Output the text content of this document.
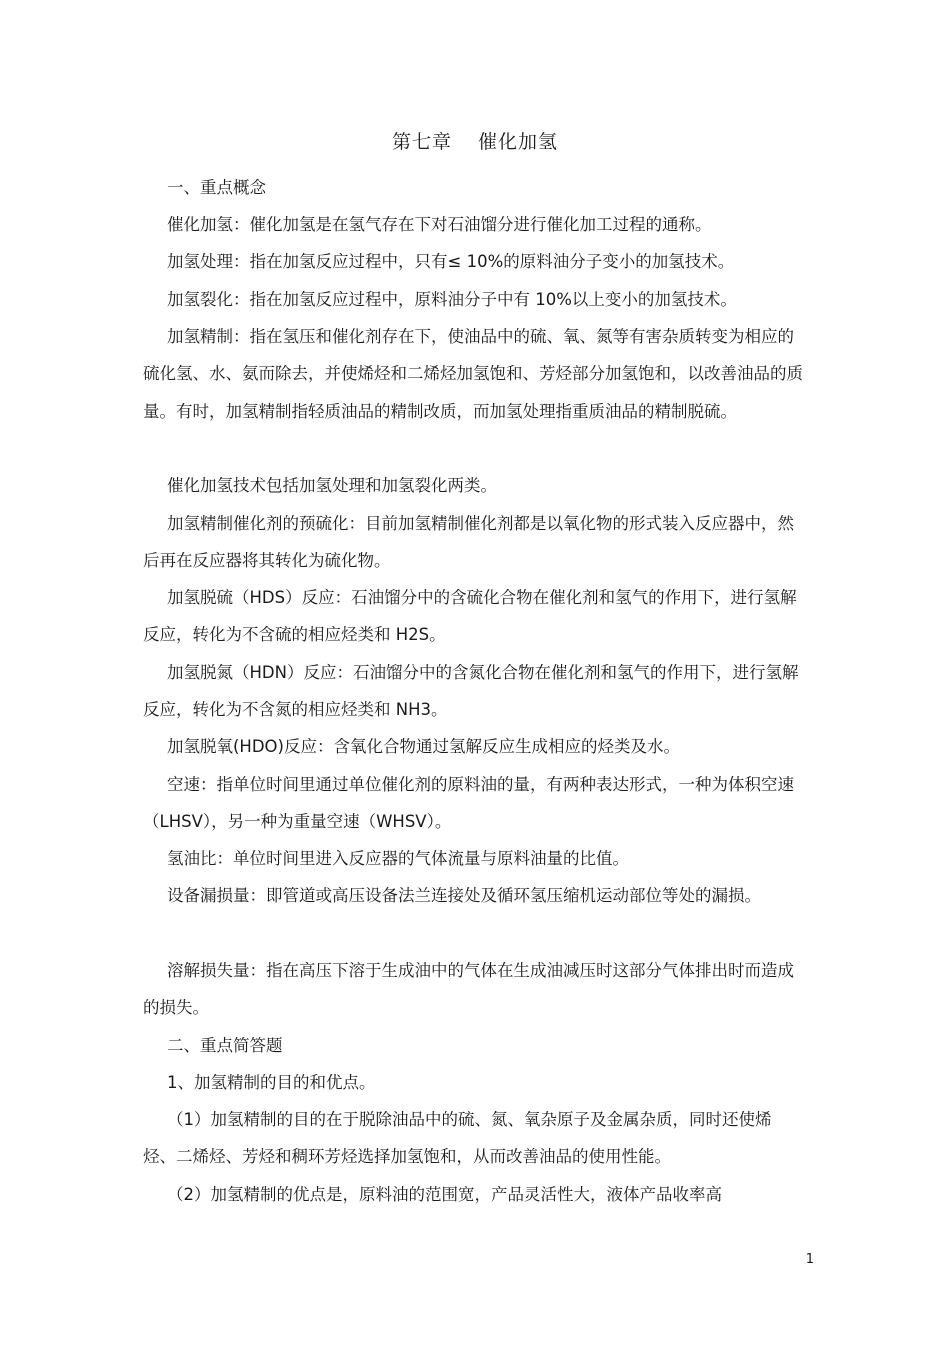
第七章 催化加氢
一、重点概念
催化加氢：催化加氢是在氢气存在下对石油馏分进行催化加工过程的通称。
加氢处理：指在加氢反应过程中，只有≤ 10%的原料油分子变小的加氢技术。
加氢裂化：指在加氢反应过程中，原料油分子中有 10%以上变小的加氢技术。
加氢精制：指在氢压和催化剂存在下，使油品中的硫、氧、氮等有害杂质转变为相应的硫化氢、水、氨而除去，并使烯烃和二烯烃加氢饱和、芳烃部分加氢饱和，以改善油品的质量。有时，加氢精制指轻质油品的精制改质，而加氢处理指重质油品的精制脱硫。
催化加氢技术包括加氢处理和加氢裂化两类。
加氢精制催化剂的预硫化：目前加氢精制催化剂都是以氧化物的形式装入反应器中，然后再在反应器将其转化为硫化物。
加氢脱硫（HDS）反应：石油馏分中的含硫化合物在催化剂和氢气的作用下，进行氢解反应，转化为不含硫的相应烃类和 H2S。
加氢脱氮（HDN）反应：石油馏分中的含氮化合物在催化剂和氢气的作用下，进行氢解反应，转化为不含氮的相应烃类和 NH3。
加氢脱氧(HDO)反应：含氧化合物通过氢解反应生成相应的烃类及水。
空速：指单位时间里通过单位催化剂的原料油的量，有两种表达形式，一种为体积空速（LHSV），另一种为重量空速（WHSV）。
氢油比：单位时间里进入反应器的气体流量与原料油量的比值。
设备漏损量：即管道或高压设备法兰连接处及循环氢压缩机运动部位等处的漏损。
溶解损失量：指在高压下溶于生成油中的气体在生成油减压时这部分气体排出时而造成的损失。
二、重点简答题
1、加氢精制的目的和优点。
（1）加氢精制的目的在于脱除油品中的硫、氮、氧杂原子及金属杂质，同时还使烯烃、二烯烃、芳烃和稠环芳烃选择加氢饱和，从而改善油品的使用性能。
（2）加氢精制的优点是，原料油的范围宽，产品灵活性大，液体产品收率高
1
